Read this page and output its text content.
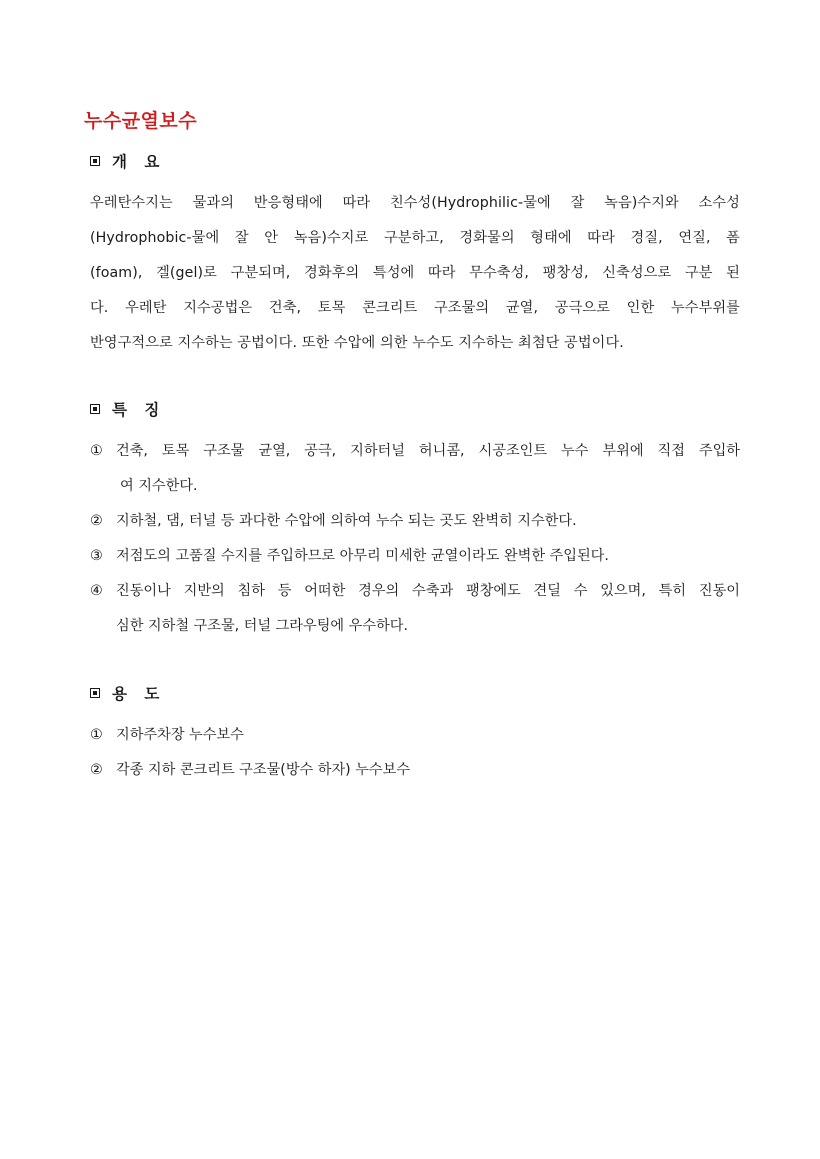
누수균열보수
개 요

우레탄수지는 물과의 반응형태에 따라 친수성(Hydrophilic-물에 잘 녹음)수지와 소수성
(Hydrophobic-물에 잘 안 녹음)수지로 구분하고, 경화물의 형태에 따라 경질, 연질, 폼
(foam), 겔(gel)로 구분되며, 경화후의 특성에 따라 무수축성, 팽창성, 신축성으로 구분 된
다. 우레탄 지수공법은 건축, 토목 콘크리트 구조물의 균열, 공극으로 인한 누수부위를
반영구적으로 지수하는 공법이다. 또한 수압에 의한 누수도 지수하는 최첨단 공법이다.

특 징
① 건축, 토목 구조물 균열, 공극, 지하터널 허니콤, 시공조인트 누수 부위에 직접 주입하
여 지수한다.
② 지하철, 댐, 터널 등 과다한 수압에 의하여 누수 되는 곳도 완벽히 지수한다.
③ 저점도의 고품질 수지를 주입하므로 아무리 미세한 균열이라도 완벽한 주입된다.
④ 진동이나 지반의 침하 등 어떠한 경우의 수축과 팽창에도 견딜 수 있으며, 특히 진동이
심한 지하철 구조물, 터널 그라우팅에 우수하다.
용 도
① 지하주차장 누수보수
② 각종 지하 콘크리트 구조물(방수 하자) 누수보수
